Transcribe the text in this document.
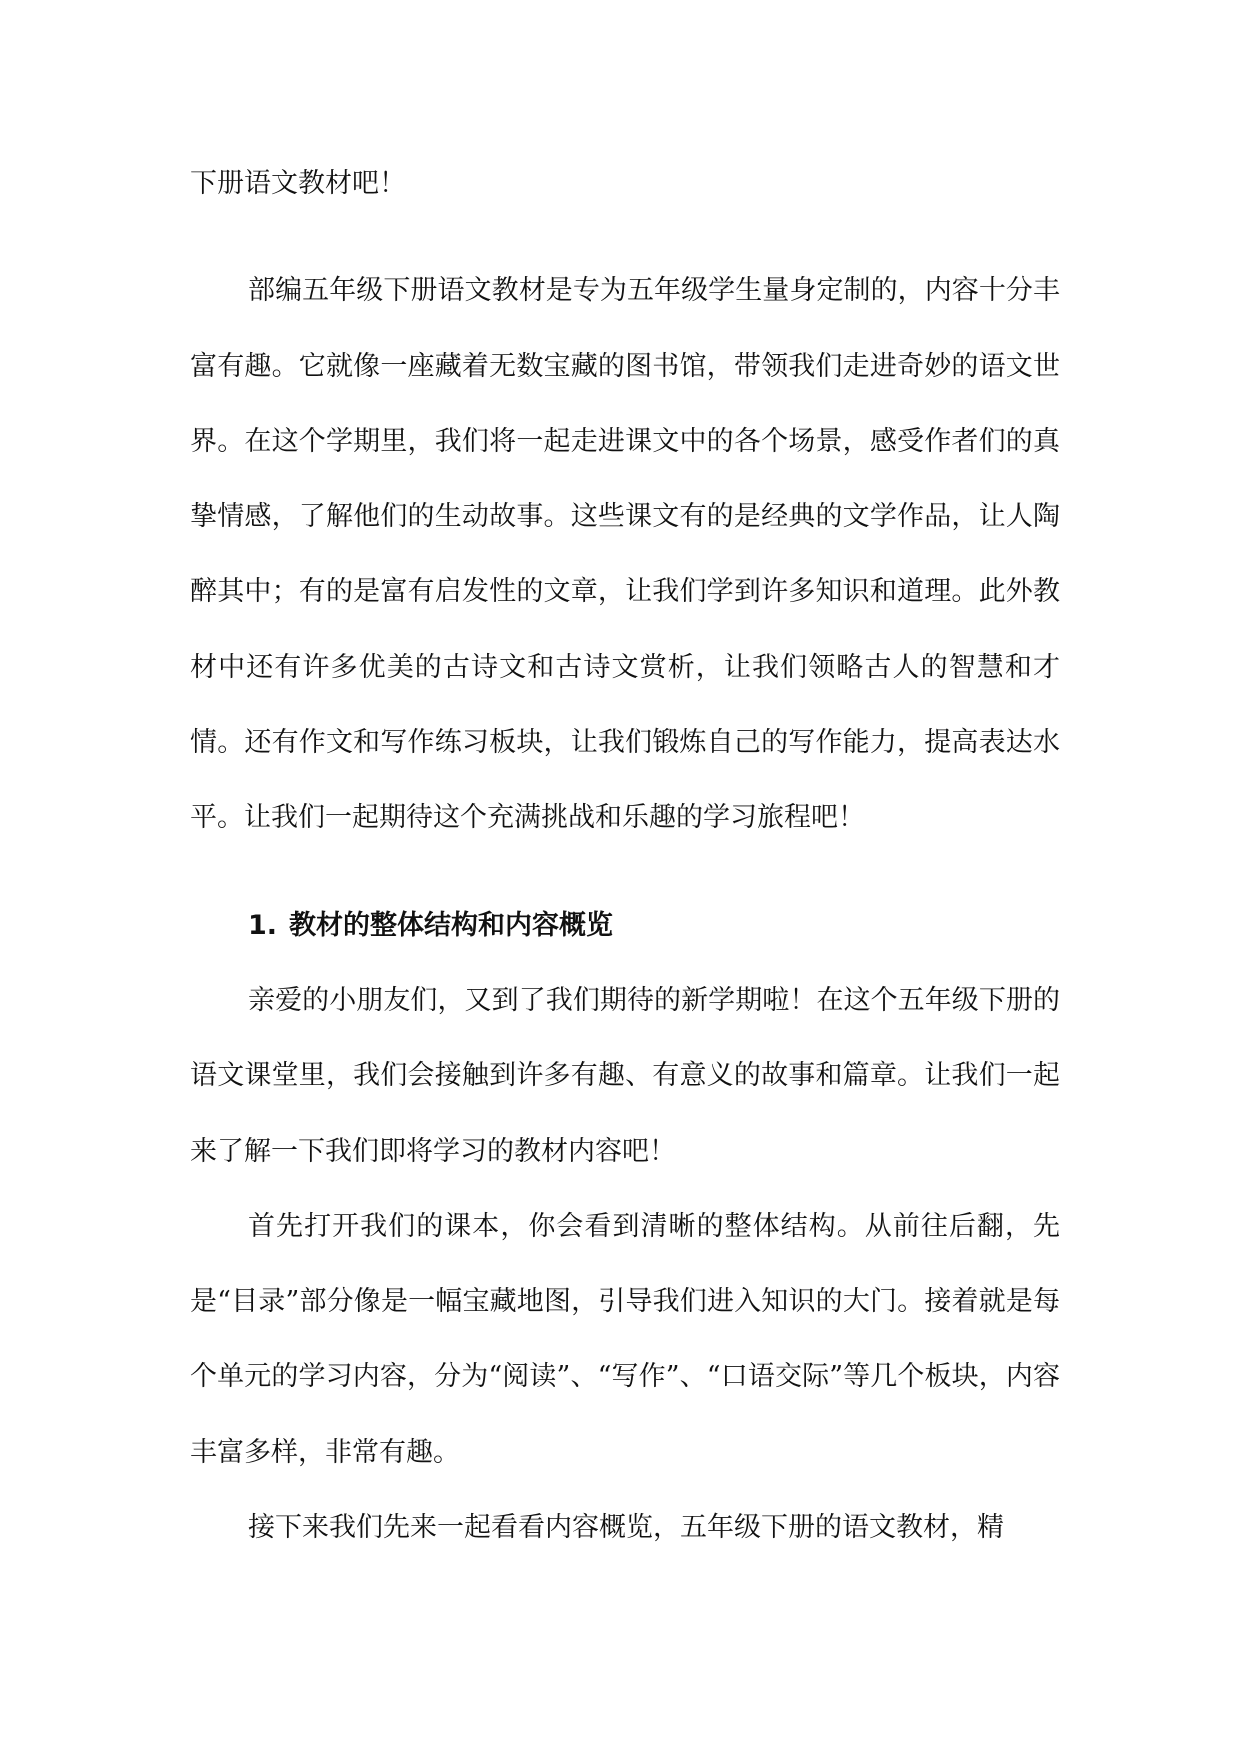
下册语文教材吧！

部编五年级下册语文教材是专为五年级学生量身定制的，内容十分丰富有趣。它就像一座藏着无数宝藏的图书馆，带领我们走进奇妙的语文世界。在这个学期里，我们将一起走进课文中的各个场景，感受作者们的真挚情感，了解他们的生动故事。这些课文有的是经典的文学作品，让人陶醉其中；有的是富有启发性的文章，让我们学到许多知识和道理。此外教材中还有许多优美的古诗文和古诗文赏析，让我们领略古人的智慧和才情。还有作文和写作练习板块，让我们锻炼自己的写作能力，提高表达水平。让我们一起期待这个充满挑战和乐趣的学习旅程吧！

1. 教材的整体结构和内容概览

亲爱的小朋友们，又到了我们期待的新学期啦！在这个五年级下册的语文课堂里，我们会接触到许多有趣、有意义的故事和篇章。让我们一起来了解一下我们即将学习的教材内容吧！

首先打开我们的课本，你会看到清晰的整体结构。从前往后翻，先是“目录”部分像是一幅宝藏地图，引导我们进入知识的大门。接着就是每个单元的学习内容，分为“阅读”、“写作”、“口语交际”等几个板块，内容丰富多样，非常有趣。

接下来我们先来一起看看内容概览，五年级下册的语文教材，精
